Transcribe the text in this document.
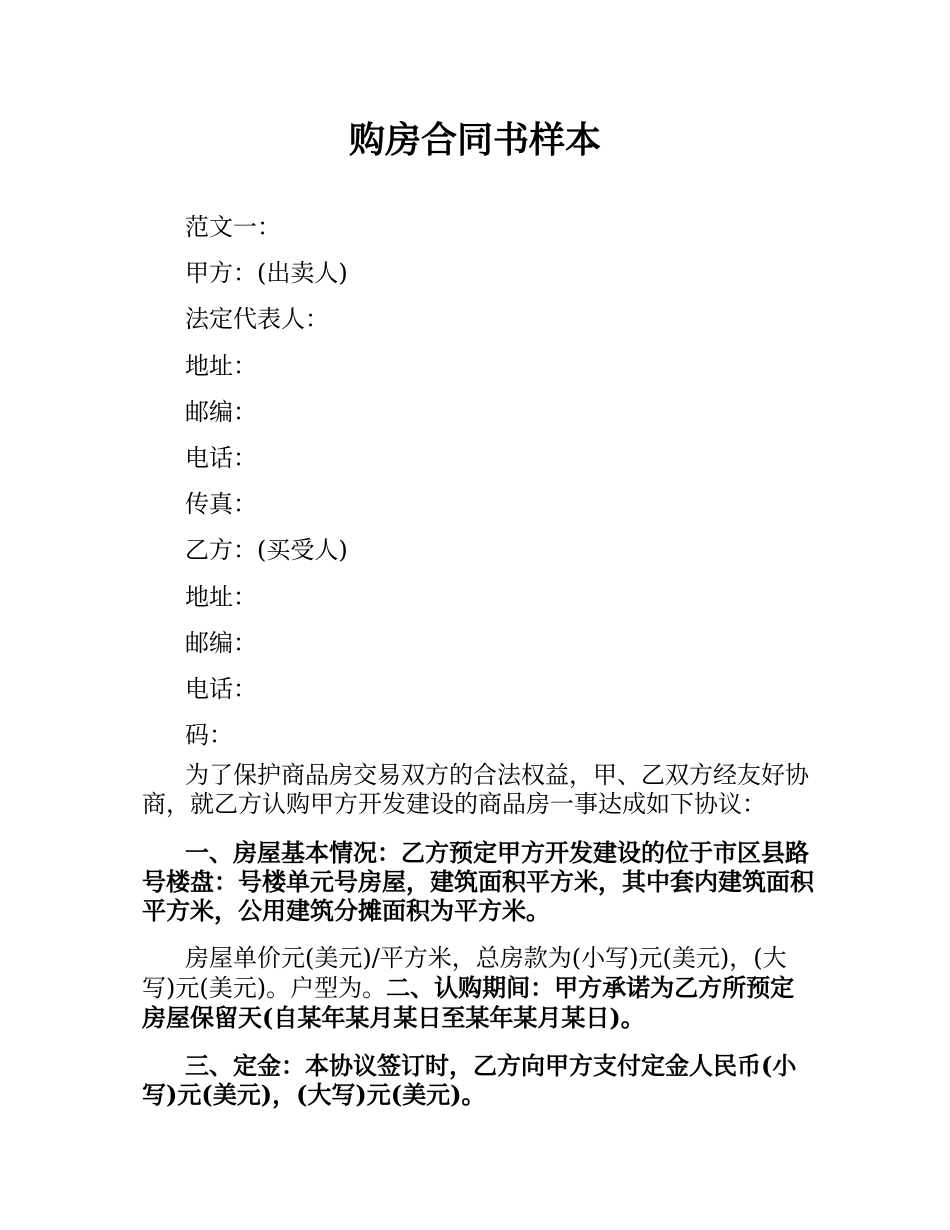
购房合同书样本
范文一：
甲方：(出卖人)
法定代表人：
地址：
邮编：
电话：
传真：
乙方：(买受人)
地址：
邮编：
电话：
码：

为了保护商品房交易双方的合法权益，甲、乙双方经友好协商，就乙方认购甲方开发建设的商品房一事达成如下协议：

一、房屋基本情况：乙方预定甲方开发建设的位于市区县路号楼盘：号楼单元号房屋，建筑面积平方米，其中套内建筑面积平方米，公用建筑分摊面积为平方米。

房屋单价元(美元)/平方米，总房款为(小写)元(美元)，(大写)元(美元)。户型为。二、认购期间：甲方承诺为乙方所预定房屋保留天(自某年某月某日至某年某月某日)。

三、定金：本协议签订时，乙方向甲方支付定金人民币(小写)元(美元)，(大写)元(美元)。
